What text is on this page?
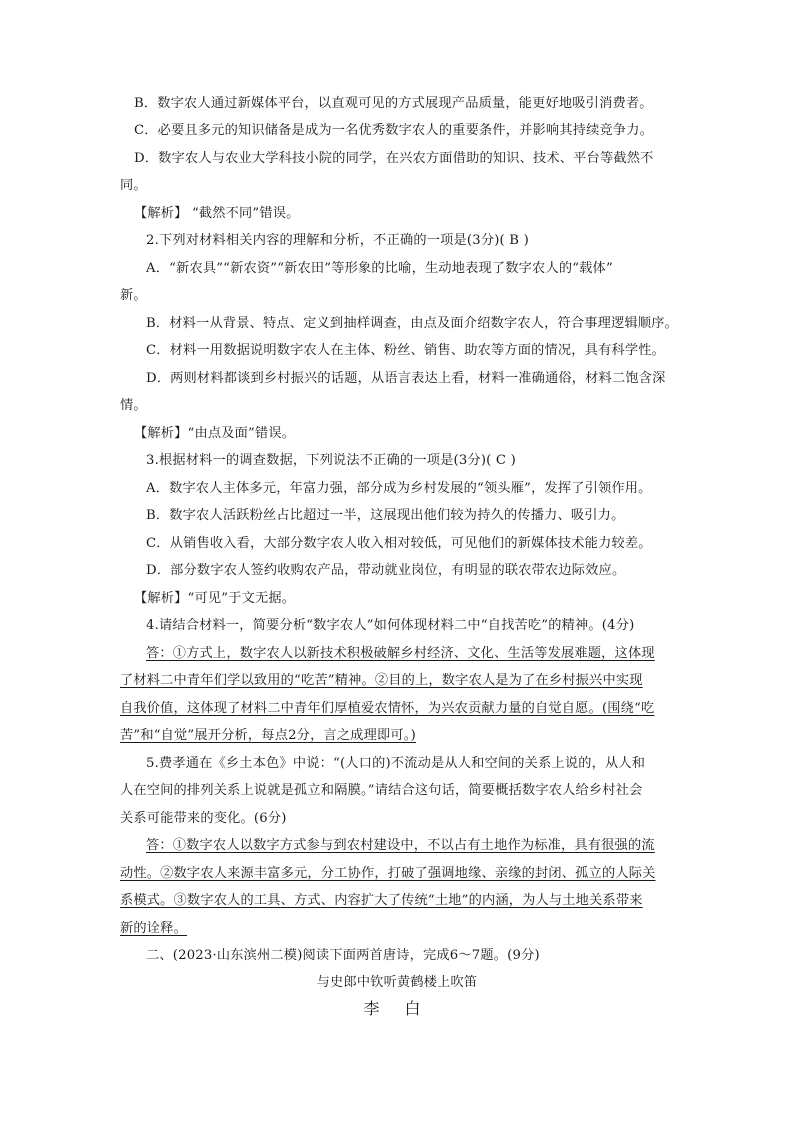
B．数字农人通过新媒体平台，以直观可见的方式展现产品质量，能更好地吸引消费者。
C．必要且多元的知识储备是成为一名优秀数字农人的重要条件，并影响其持续竞争力。
D．数字农人与农业大学科技小院的同学，在兴农方面借助的知识、技术、平台等截然不
同。
【解析】 “截然不同”错误。
2.下列对材料相关内容的理解和分析，不正确的一项是(3分)( B )
A．“新农具”“新农资”“新农田”等形象的比喻，生动地表现了数字农人的“载体”
新。
B．材料一从背景、特点、定义到抽样调查，由点及面介绍数字农人，符合事理逻辑顺序。
C．材料一用数据说明数字农人在主体、粉丝、销售、助农等方面的情况，具有科学性。
D．两则材料都谈到乡村振兴的话题，从语言表达上看，材料一准确通俗，材料二饱含深
情。
【解析】“由点及面”错误。
3.根据材料一的调查数据，下列说法不正确的一项是(3分)( C )
A．数字农人主体多元，年富力强，部分成为乡村发展的“领头雁”，发挥了引领作用。
B．数字农人活跃粉丝占比超过一半，这展现出他们较为持久的传播力、吸引力。
C．从销售收入看，大部分数字农人收入相对较低，可见他们的新媒体技术能力较差。
D．部分数字农人签约收购农产品，带动就业岗位，有明显的联农带农边际效应。
【解析】“可见”于文无据。
4.请结合材料一，简要分析“数字农人”如何体现材料二中“自找苦吃”的精神。(4分)
答：①方式上，数字农人以新技术积极破解乡村经济、文化、生活等发展难题，这体现
了材料二中青年们学以致用的“吃苦”精神。②目的上，数字农人是为了在乡村振兴中实现
自我价值，这体现了材料二中青年们厚植爱农情怀，为兴农贡献力量的自觉自愿。(围绕“吃
苦”和“自觉”展开分析，每点2分，言之成理即可。)
5.费孝通在《乡土本色》中说：“(人口的)不流动是从人和空间的关系上说的，从人和
人在空间的排列关系上说就是孤立和隔膜。”请结合这句话，简要概括数字农人给乡村社会
关系可能带来的变化。(6分)
答：①数字农人以数字方式参与到农村建设中，不以占有土地作为标准，具有很强的流
动性。②数字农人来源丰富多元，分工协作，打破了强调地缘、亲缘的封闭、孤立的人际关
系模式。③数字农人的工具、方式、内容扩大了传统“土地”的内涵，为人与土地关系带来
新的诠释。
二、(2023·山东滨州二模)阅读下面两首唐诗，完成6～7题。(9分)
与史郎中钦听黄鹤楼上吹笛
李 白
